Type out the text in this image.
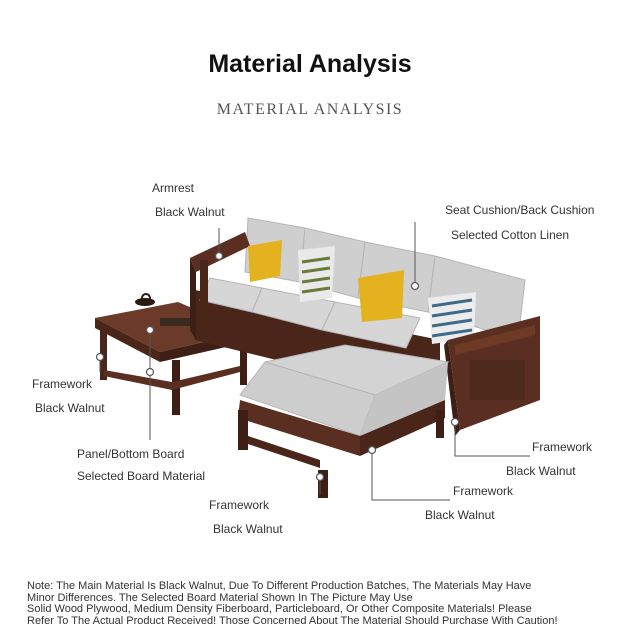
Material Analysis
MATERIAL ANALYSIS
Armrest
Black Walnut	Seat Cushion/Back Cushion
Selected Cotton Linen
Framework
Black Walnut
Panel/Bottom Board
Selected Board Material
Framework
Black Walnut
Framework
Black Walnut
Framework
Black Walnut
Note: The Main Material Is Black Walnut, Due To Different Production Batches, The Materials May Have
Minor Differences. The Selected Board Material Shown In The Picture May Use
Solid Wood Plywood, Medium Density Fiberboard, Particleboard, Or Other Composite Materials! Please
Refer To The Actual Product Received! Those Concerned About The Material Should Purchase With Caution!
